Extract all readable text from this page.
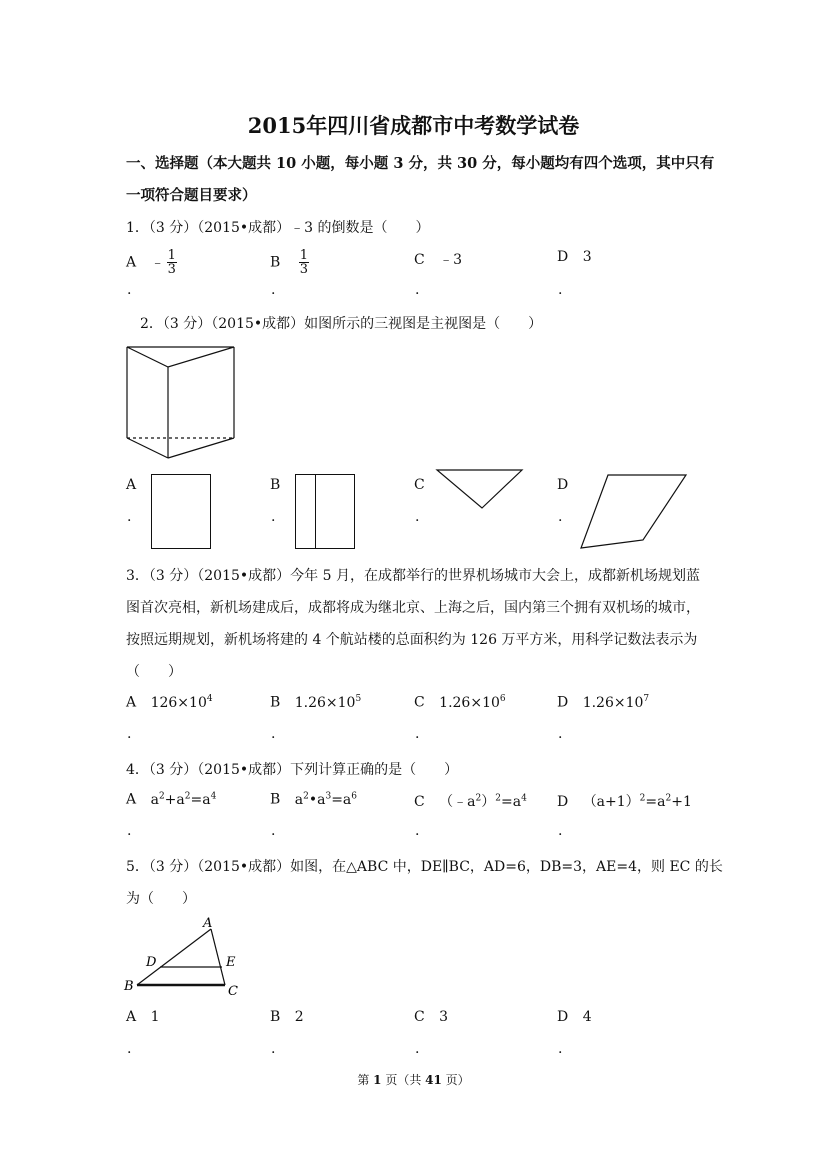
2015年四川省成都市中考数学试卷
一、选择题（本大题共 10 小题，每小题 3 分，共 30 分，每小题均有四个选项，其中只有
一项符合题目要求）
1．（3 分）（2015•成都）﹣3 的倒数是（　　）
A ﹣ $\frac{1}{3}$	B $\frac{1}{3}$	C ﹣3	D 3
.	.	.	.
2．（3 分）（2015•成都）如图所示的三视图是主视图是（　　）
A	B	C	D
.	.	.	.
3．（3 分）（2015•成都）今年 5 月，在成都举行的世界机场城市大会上，成都新机场规划蓝
图首次亮相，新机场建成后，成都将成为继北京、上海之后，国内第三个拥有双机场的城市，
按照远期规划，新机场将建的 4 个航站楼的总面积约为 126 万平方米，用科学记数法表示为
（　　）
A $126\times 10^4$	B $1.26\times 10^5$	C $1.26\times 10^6$	D $1.26\times 10^7$
.	.	.	.
4．（3 分）（2015•成都）下列计算正确的是（　　）
A $a^2+a^2=a^4$	B $a^2•a^3=a^6$	C $(﹣a^2)^2=a^4$ D $(a+1)^2=a^2+1$
.	.	.	.
5．（3 分）（2015•成都）如图，在△ABC 中，DE∥BC，AD=6，DB=3，AE=4，则 EC 的长
为（　　）
A
D	E
B	C
A 1	B 2	C 3	D 4
.	.	.	.
第 1 页（共 41 页）
